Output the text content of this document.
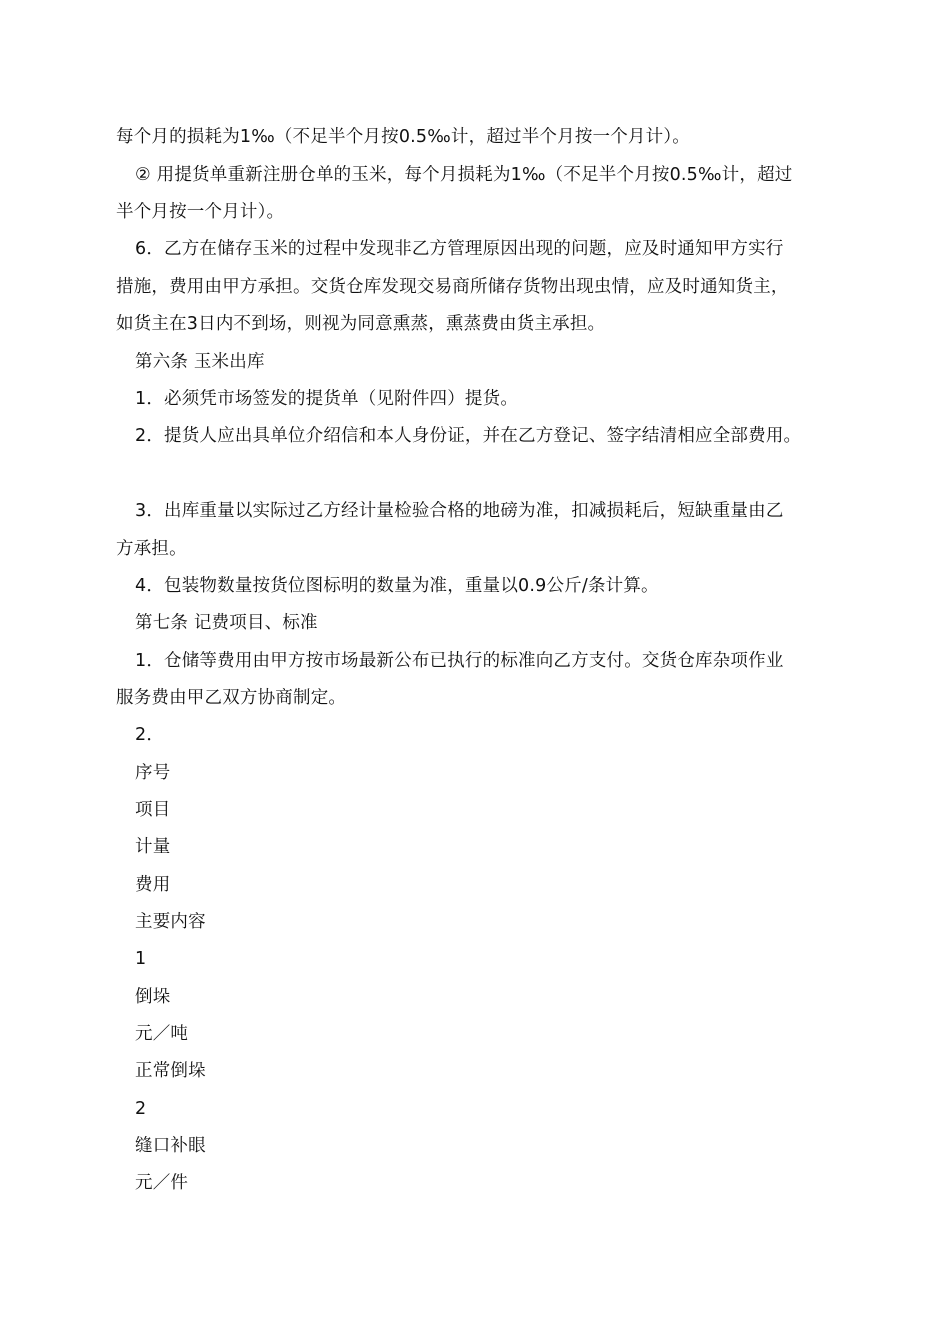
每个月的损耗为1‰（不足半个月按0.5‰计，超过半个月按一个月计）。
② 用提货单重新注册仓单的玉米，每个月损耗为1‰（不足半个月按0.5‰计，超过
半个月按一个月计）。
6．乙方在储存玉米的过程中发现非乙方管理原因出现的问题，应及时通知甲方实行
措施，费用由甲方承担。交货仓库发现交易商所储存货物出现虫情，应及时通知货主，
如货主在3日内不到场，则视为同意熏蒸，熏蒸费由货主承担。
第六条 玉米出库
1．必须凭市场签发的提货单（见附件四）提货。
2．提货人应出具单位介绍信和本人身份证，并在乙方登记、签字结清相应全部费用。
3．出库重量以实际过乙方经计量检验合格的地磅为准，扣减损耗后，短缺重量由乙
方承担。
4．包装物数量按货位图标明的数量为准，重量以0.9公斤/条计算。
第七条 记费项目、标准
1．仓储等费用由甲方按市场最新公布已执行的标准向乙方支付。交货仓库杂项作业
服务费由甲乙双方协商制定。
2．
序号
项目
计量
费用
主要内容
1
倒垛
元／吨
正常倒垛
2
缝口补眼
元／件
